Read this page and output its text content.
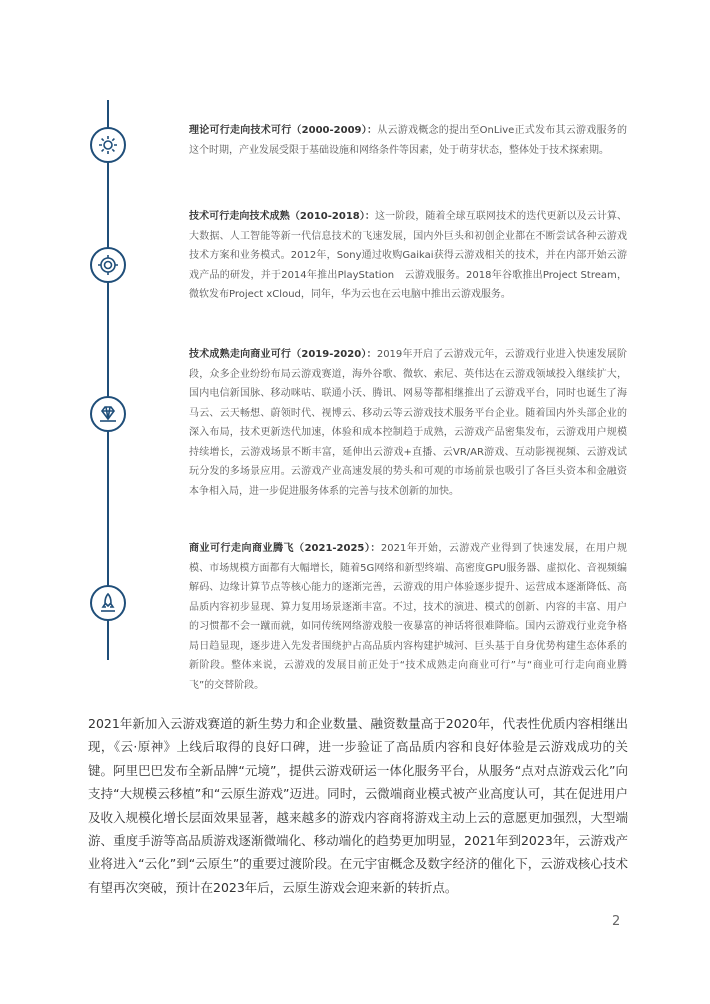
理论可行走向技术可行（2000-2009）：从云游戏概念的提出至OnLive正式发布其云游戏服务的这个时期，产业发展受限于基础设施和网络条件等因素，处于萌芽状态，整体处于技术探索期。
技术可行走向技术成熟（2010-2018）：这一阶段，随着全球互联网技术的迭代更新以及云计算、大数据、人工智能等新一代信息技术的飞速发展，国内外巨头和初创企业都在不断尝试各种云游戏技术方案和业务模式。2012年，Sony通过收购Gaikai获得云游戏相关的技术，并在内部开始云游戏产品的研发，并于2014年推出PlayStation　云游戏服务。2018年谷歌推出Project Stream，微软发布Project xCloud，同年，华为云也在云电脑中推出云游戏服务。
技术成熟走向商业可行（2019-2020）：2019年开启了云游戏元年，云游戏行业进入快速发展阶段，众多企业纷纷布局云游戏赛道，海外谷歌、微软、索尼、英伟达在云游戏领域投入继续扩大，国内电信新国脉、移动咪咕、联通小沃、腾讯、网易等都相继推出了云游戏平台，同时也诞生了海马云、云天畅想、蔚领时代、视博云、移动云等云游戏技术服务平台企业。随着国内外头部企业的深入布局，技术更新迭代加速，体验和成本控制趋于成熟，云游戏产品密集发布，云游戏用户规模持续增长，云游戏场景不断丰富，延伸出云游戏+直播、云VR/AR游戏、互动影视视频、云游戏试玩分发的多场景应用。云游戏产业高速发展的势头和可观的市场前景也吸引了各巨头资本和金融资本争相入局，进一步促进服务体系的完善与技术创新的加快。
商业可行走向商业腾飞（2021-2025）：2021年开始，云游戏产业得到了快速发展，在用户规模、市场规模方面都有大幅增长，随着5G网络和新型终端、高密度GPU服务器、虚拟化、音视频编解码、边缘计算节点等核心能力的逐渐完善，云游戏的用户体验逐步提升、运营成本逐渐降低、高品质内容初步显现、算力复用场景逐渐丰富。不过，技术的演进、模式的创新、内容的丰富、用户的习惯都不会一蹴而就，如同传统网络游戏般一夜暴富的神话将很难降临。国内云游戏行业竞争格局日趋显现，逐步进入先发者围绕护占高品质内容构建护城河、巨头基于自身优势构建生态体系的新阶段。整体来说，云游戏的发展目前正处于“技术成熟走向商业可行”与“商业可行走向商业腾飞”的交替阶段。
2021年新加入云游戏赛道的新生势力和企业数量、融资数量高于2020年，代表性优质内容相继出现，《云·原神》上线后取得的良好口碑，进一步验证了高品质内容和良好体验是云游戏成功的关键。阿里巴巴发布全新品牌“元境”，提供云游戏研运一体化服务平台，从服务“点对点游戏云化”向支持“大规模云移植”和“云原生游戏”迈进。同时，云微端商业模式被产业高度认可，其在促进用户及收入规模化增长层面效果显著，越来越多的游戏内容商将游戏主动上云的意愿更加强烈，大型端游、重度手游等高品质游戏逐渐微端化、移动端化的趋势更加明显，2021年到2023年，云游戏产业将进入“云化”到“云原生”的重要过渡阶段。在元宇宙概念及数字经济的催化下，云游戏核心技术有望再次突破，预计在2023年后，云原生游戏会迎来新的转折点。
2
